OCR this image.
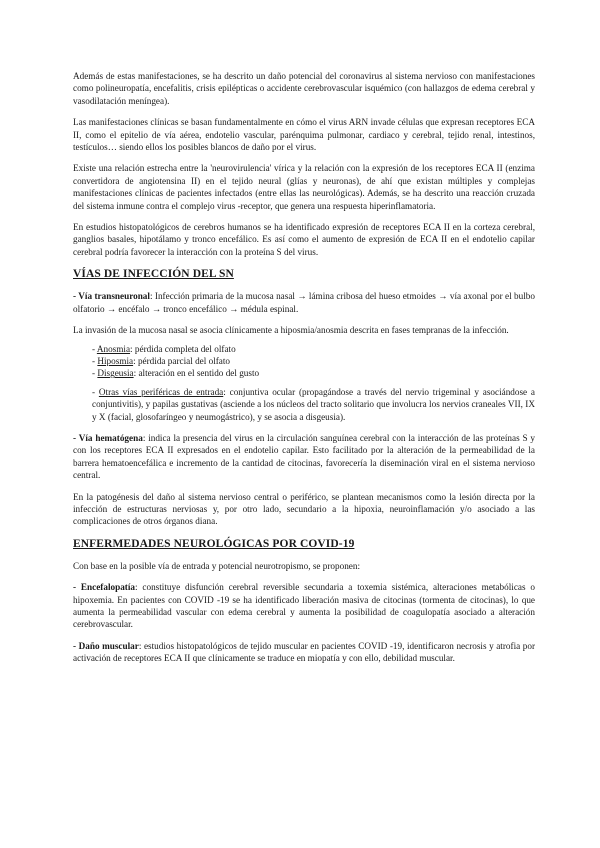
Además de estas manifestaciones, se ha descrito un daño potencial del coronavirus al sistema nervioso con manifestaciones como polineuropatía, encefalitis, crisis epilépticas o accidente cerebrovascular isquémico (con hallazgos de edema cerebral y vasodilatación meníngea).

Las manifestaciones clínicas se basan fundamentalmente en cómo el virus ARN invade células que expresan receptores ECA II, como el epitelio de vía aérea, endotelio vascular, parénquima pulmonar, cardiaco y cerebral, tejido renal, intestinos, testículos… siendo ellos los posibles blancos de daño por el virus.

Existe una relación estrecha entre la 'neurovirulencia' vírica y la relación con la expresión de los receptores ECA II (enzima convertidora de angiotensina II) en el tejido neural (glías y neuronas), de ahí que existan múltiples y complejas manifestaciones clínicas de pacientes infectados (entre ellas las neurológicas). Además, se ha descrito una reacción cruzada del sistema inmune contra el complejo virus -receptor, que genera una respuesta hiperinflamatoria.

En estudios histopatológicos de cerebros humanos se ha identificado expresión de receptores ECA II en la corteza cerebral, ganglios basales, hipotálamo y tronco encefálico. Es así como el aumento de expresión de ECA II en el endotelio capilar cerebral podría favorecer la interacción con la proteína S del virus.

VÍAS DE INFECCIÓN DEL SN

- Vía transneuronal: Infección primaria de la mucosa nasal → lámina cribosa del hueso etmoides → vía axonal por el bulbo olfatorio → encéfalo → tronco encefálico → médula espinal.

La invasión de la mucosa nasal se asocia clínicamente a hiposmia/anosmia descrita en fases tempranas de la infección.

- Anosmia: pérdida completa del olfato
- Hiposmia: pérdida parcial del olfato
- Disgeusia: alteración en el sentido del gusto

- Otras vías periféricas de entrada: conjuntiva ocular (propagándose a través del nervio trigeminal y asociándose a conjuntivitis), y papilas gustativas (asciende a los núcleos del tracto solitario que involucra los nervios craneales VII, IX y X (facial, glosofaríngeo y neumogástrico), y se asocia a disgeusia).

- Vía hematógena: indica la presencia del virus en la circulación sanguínea cerebral con la interacción de las proteínas S y con los receptores ECA II expresados en el endotelio capilar. Esto facilitado por la alteración de la permeabilidad de la barrera hematoencefálica e incremento de la cantidad de citocinas, favorecería la diseminación viral en el sistema nervioso central.

En la patogénesis del daño al sistema nervioso central o periférico, se plantean mecanismos como la lesión directa por la infección de estructuras nerviosas y, por otro lado, secundario a la hipoxia, neuroinflamación y/o asociado a las complicaciones de otros órganos diana.

ENFERMEDADES NEUROLÓGICAS POR COVID-19

Con base en la posible vía de entrada y potencial neurotropismo, se proponen:

- Encefalopatía: constituye disfunción cerebral reversible secundaria a toxemia sistémica, alteraciones metabólicas o hipoxemia. En pacientes con COVID -19 se ha identificado liberación masiva de citocinas (tormenta de citocinas), lo que aumenta la permeabilidad vascular con edema cerebral y aumenta la posibilidad de coagulopatía asociado a alteración cerebrovascular.

- Daño muscular: estudios histopatológicos de tejido muscular en pacientes COVID -19, identificaron necrosis y atrofia por activación de receptores ECA II que clínicamente se traduce en miopatía y con ello, debilidad muscular.
